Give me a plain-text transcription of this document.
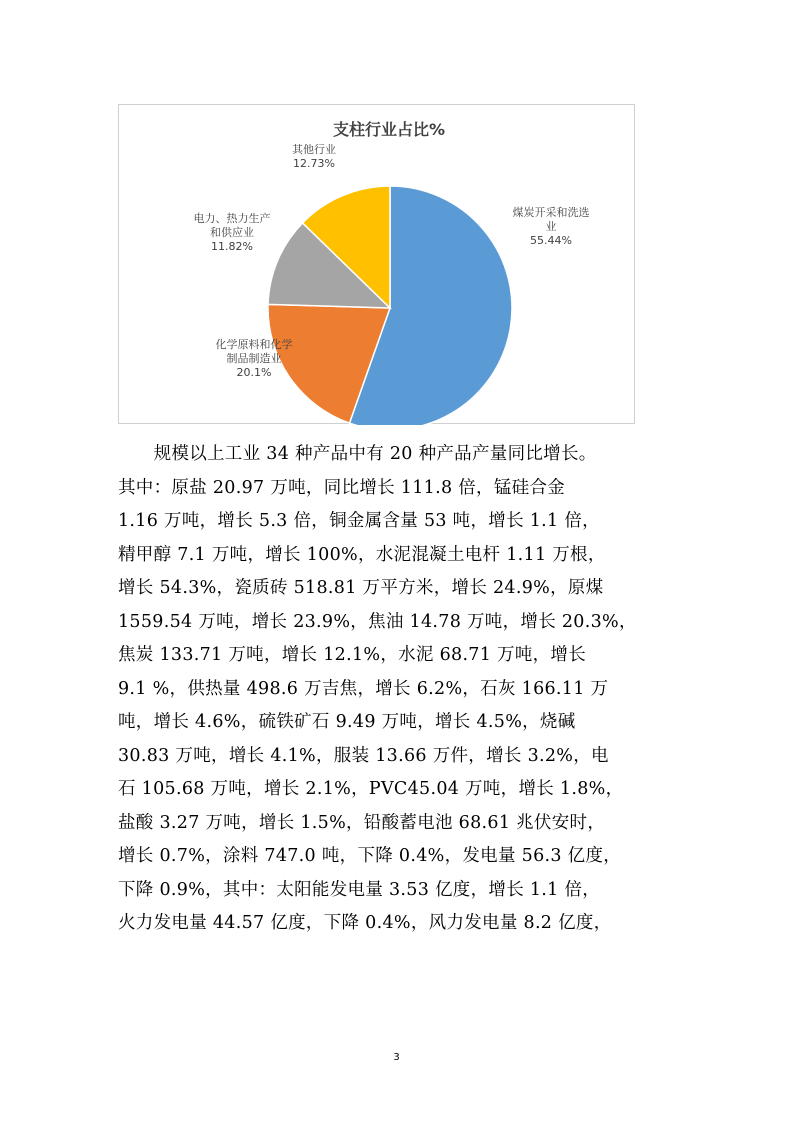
支柱行业占比%
煤炭开采和洗选
业
55.44%
化学原料和化学
制品制造业
20.1%
电力、热力生产
和供应业
11.82%
其他行业
12.73%

　　规模以上工业 34 种产品中有 20 种产品产量同比增长。

其中：原盐 20.97 万吨，同比增长 111.8 倍，锰硅合金

1.16 万吨，增长 5.3 倍，铜金属含量 53 吨，增长 1.1 倍，

精甲醇 7.1 万吨，增长 100%，水泥混凝土电杆 1.11 万根，

增长 54.3%，瓷质砖 518.81 万平方米，增长 24.9%，原煤

1559.54 万吨，增长 23.9%，焦油 14.78 万吨，增长 20.3%，

焦炭 133.71 万吨，增长 12.1%，水泥 68.71 万吨，增长

9.1 %，供热量 498.6 万吉焦，增长 6.2%，石灰 166.11 万

吨，增长 4.6%，硫铁矿石 9.49 万吨，增长 4.5%，烧碱

30.83 万吨，增长 4.1%，服装 13.66 万件，增长 3.2%，电

石 105.68 万吨，增长 2.1%，PVC45.04 万吨，增长 1.8%，

盐酸 3.27 万吨，增长 1.5%，铅酸蓄电池 68.61 兆伏安时，

增长 0.7%，涂料 747.0 吨，下降 0.4%，发电量 56.3 亿度，

下降 0.9%，其中：太阳能发电量 3.53 亿度，增长 1.1 倍，

火力发电量 44.57 亿度，下降 0.4%，风力发电量 8.2 亿度，

3
